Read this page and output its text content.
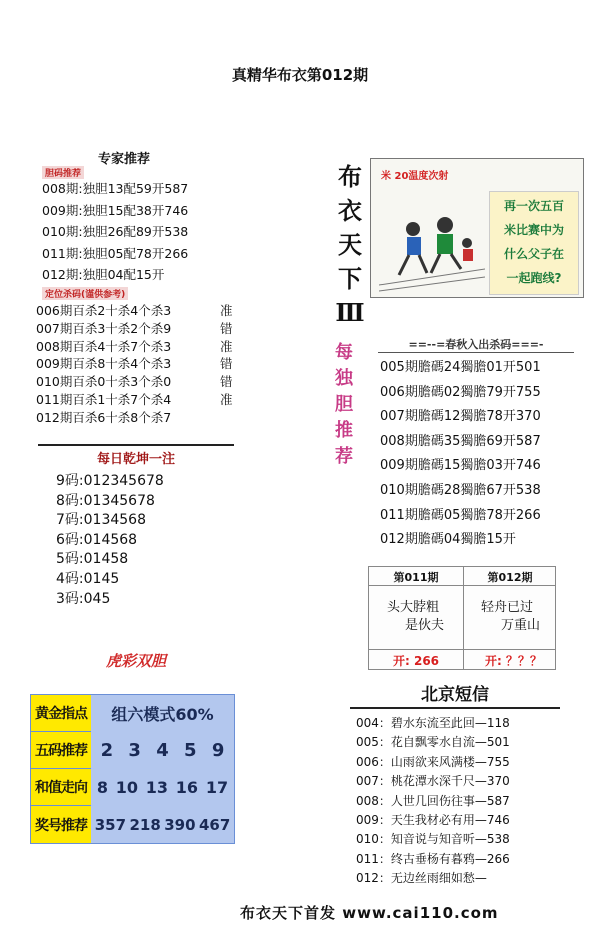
真精华布衣第012期
专家推荐
胆码推荐
008期:独胆13配59开587
009期:独胆15配38开746
010期:独胆26配89开538
011期:独胆05配78开266
012期:独胆04配15开
定位杀码(谨供参考)
006期百杀2十杀4个杀3	准
007期百杀3十杀2个杀9	错
008期百杀4十杀7个杀3	准
009期百杀8十杀4个杀3	错
010期百杀0十杀3个杀0	错
011期百杀1十杀7个杀4	准
012期百杀6十杀8个杀7
每日乾坤一注
9码:012345678
8码:01345678
7码:0134568
6码:014568
5码:01458
4码:0145
3码:045
虎彩双胆
黄金指点 组六模式60%
五码推荐 2 3 4 5 9
和值走向 8 10 13 16 17
奖号推荐 357 218 390 467
布
衣
天
下
Ⅲ
米 20温度次射
再一次五百
米比赛中为
什么父子在
一起跑线?
每
独
胆
推
荐
==--=春秋入出杀码===-
005期膽碼24獨膽01开501
006期膽碼02獨膽79开755
007期膽碼12獨膽78开370
008期膽碼35獨膽69开587
009期膽碼15獨膽03开746
010期膽碼28獨膽67开538
011期膽碼05獨膽78开266
012期膽碼04獨膽15开
第011期	第012期
头大脖粗
是伙夫
轻舟已过
万重山
开: 266	开: ？？？
北京短信
004：碧水东流至此回—118
005：花自飘零水自流—501
006：山雨欲来风满楼—755
007：桃花潭水深千尺—370
008：人世几回伤往事—587
009：天生我材必有用—746
010：知音说与知音听—538
011：终古垂杨有暮鸦—266
012：无边丝雨细如愁—
布衣天下首发 www.cai110.com
